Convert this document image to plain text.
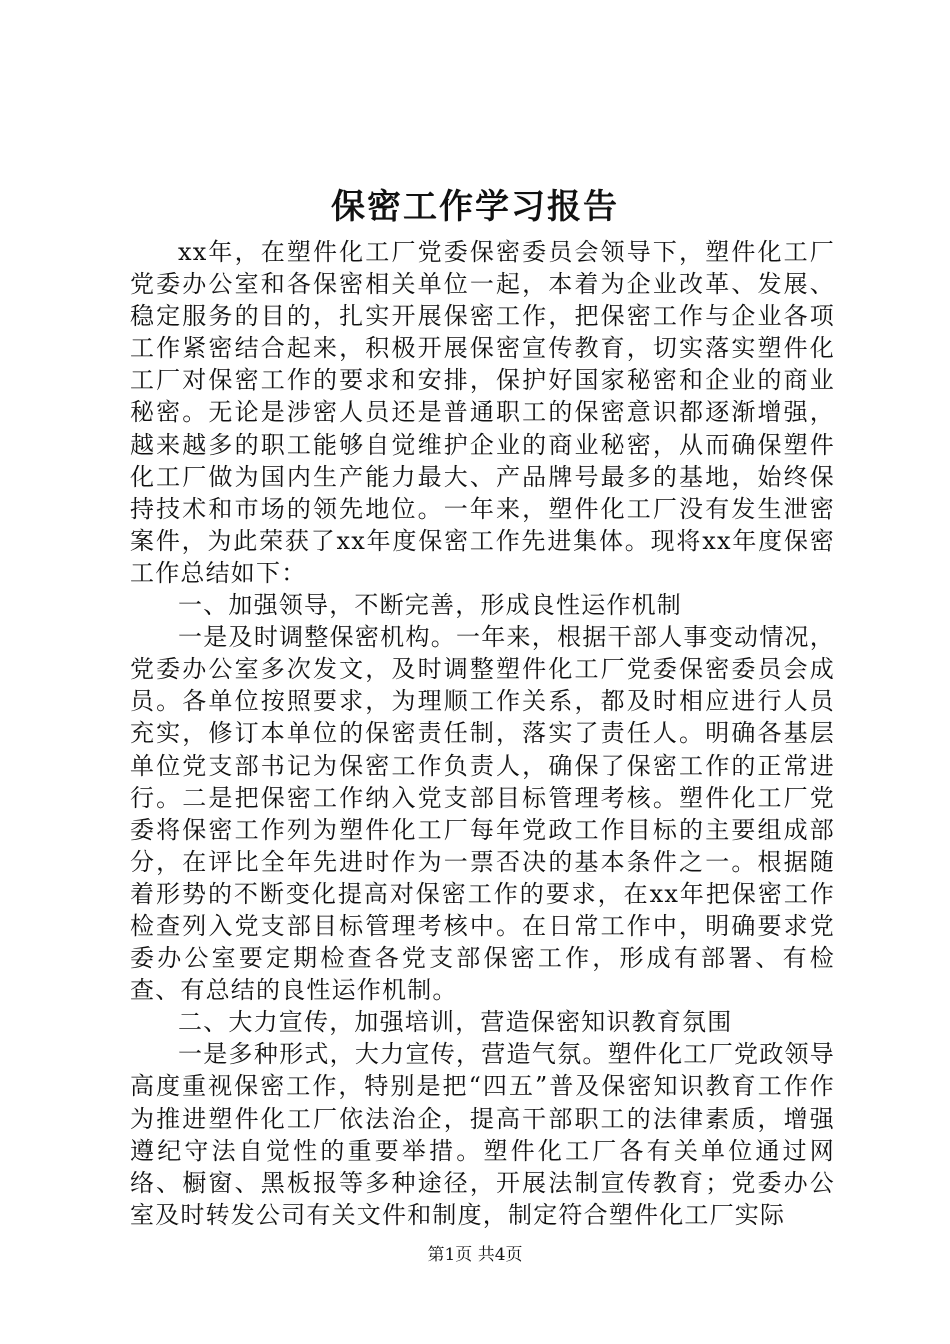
保密工作学习报告

xx年，在塑件化工厂党委保密委员会领导下，塑件化工厂党委办公室和各保密相关单位一起，本着为企业改革、发展、稳定服务的目的，扎实开展保密工作，把保密工作与企业各项工作紧密结合起来，积极开展保密宣传教育，切实落实塑件化工厂对保密工作的要求和安排，保护好国家秘密和企业的商业秘密。无论是涉密人员还是普通职工的保密意识都逐渐增强，越来越多的职工能够自觉维护企业的商业秘密，从而确保塑件化工厂做为国内生产能力最大、产品牌号最多的基地，始终保持技术和市场的领先地位。一年来，塑件化工厂没有发生泄密案件，为此荣获了xx年度保密工作先进集体。现将xx年度保密工作总结如下：

一、加强领导，不断完善，形成良性运作机制

一是及时调整保密机构。一年来，根据干部人事变动情况，党委办公室多次发文，及时调整塑件化工厂党委保密委员会成员。各单位按照要求，为理顺工作关系，都及时相应进行人员充实，修订本单位的保密责任制，落实了责任人。明确各基层单位党支部书记为保密工作负责人，确保了保密工作的正常进行。二是把保密工作纳入党支部目标管理考核。塑件化工厂党委将保密工作列为塑件化工厂每年党政工作目标的主要组成部分，在评比全年先进时作为一票否决的基本条件之一。根据随着形势的不断变化提高对保密工作的要求，在xx年把保密工作检查列入党支部目标管理考核中。在日常工作中，明确要求党委办公室要定期检查各党支部保密工作，形成有部署、有检查、有总结的良性运作机制。

二、大力宣传，加强培训，营造保密知识教育氛围

一是多种形式，大力宣传，营造气氛。塑件化工厂党政领导高度重视保密工作，特别是把“四五”普及保密知识教育工作作为推进塑件化工厂依法治企，提高干部职工的法律素质，增强遵纪守法自觉性的重要举措。塑件化工厂各有关单位通过网络、橱窗、黑板报等多种途径，开展法制宣传教育；党委办公室及时转发公司有关文件和制度，制定符合塑件化工厂实际

第1页 共4页
